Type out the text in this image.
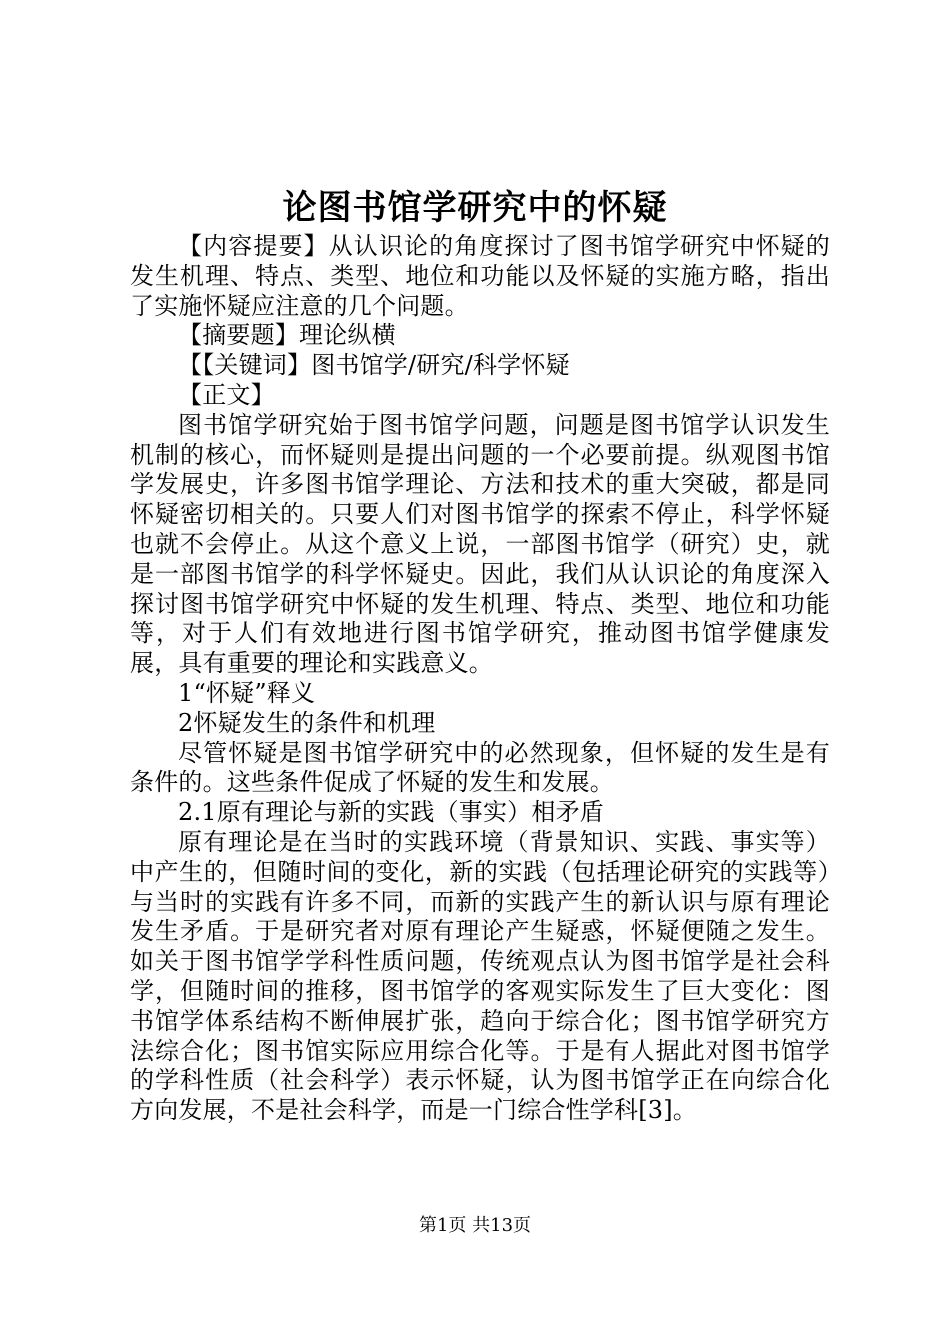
论图书馆学研究中的怀疑

【内容提要】从认识论的角度探讨了图书馆学研究中怀疑的发生机理、特点、类型、地位和功能以及怀疑的实施方略，指出了实施怀疑应注意的几个问题。

【摘要题】理论纵横

【【关键词】图书馆学/研究/科学怀疑

【正文】

图书馆学研究始于图书馆学问题，问题是图书馆学认识发生机制的核心，而怀疑则是提出问题的一个必要前提。纵观图书馆学发展史，许多图书馆学理论、方法和技术的重大突破，都是同怀疑密切相关的。只要人们对图书馆学的探索不停止，科学怀疑也就不会停止。从这个意义上说，一部图书馆学（研究）史，就是一部图书馆学的科学怀疑史。因此，我们从认识论的角度深入探讨图书馆学研究中怀疑的发生机理、特点、类型、地位和功能等，对于人们有效地进行图书馆学研究，推动图书馆学健康发展，具有重要的理论和实践意义。

1“怀疑”释义

2怀疑发生的条件和机理

尽管怀疑是图书馆学研究中的必然现象，但怀疑的发生是有条件的。这些条件促成了怀疑的发生和发展。

2.1原有理论与新的实践（事实）相矛盾

原有理论是在当时的实践环境（背景知识、实践、事实等）中产生的，但随时间的变化，新的实践（包括理论研究的实践等）与当时的实践有许多不同，而新的实践产生的新认识与原有理论发生矛盾。于是研究者对原有理论产生疑惑，怀疑便随之发生。如关于图书馆学学科性质问题，传统观点认为图书馆学是社会科学，但随时间的推移，图书馆学的客观实际发生了巨大变化：图书馆学体系结构不断伸展扩张，趋向于综合化；图书馆学研究方法综合化；图书馆实际应用综合化等。于是有人据此对图书馆学的学科性质（社会科学）表示怀疑，认为图书馆学正在向综合化方向发展，不是社会科学，而是一门综合性学科[3]。

第1页 共13页
